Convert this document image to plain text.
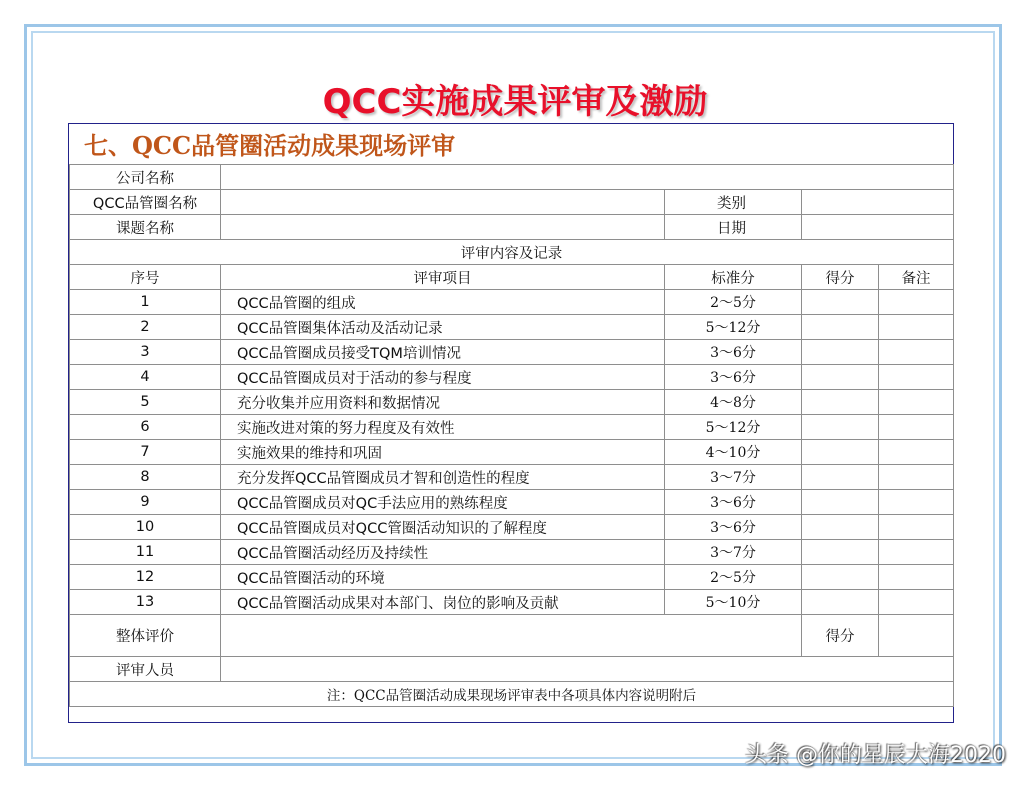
QCC实施成果评审及激励
七、QCC品管圈活动成果现场评审
公司名称				
QCC品管圈名称		类别		
课题名称		日期		
评审内容及记录				
序号	评审项目	标准分	得分	备注
1	QCC品管圈的组成	2～5分		
2	QCC品管圈集体活动及活动记录	5～12分		
3	QCC品管圈成员接受TQM培训情况	3～6分		
4	QCC品管圈成员对于活动的参与程度	3～6分		
5	充分收集并应用资料和数据情况	4～8分		
6	实施改进对策的努力程度及有效性	5～12分		
7	实施效果的维持和巩固	4～10分		
8	充分发挥QCC品管圈成员才智和创造性的程度	3～7分		
9	QCC品管圈成员对QC手法应用的熟练程度	3～6分		
10	QCC品管圈成员对QCC管圈活动知识的了解程度	3～6分		
11	QCC品管圈活动经历及持续性	3～7分		
12	QCC品管圈活动的环境	2～5分		
13	QCC品管圈活动成果对本部门、岗位的影响及贡献	5～10分		
整体评价			得分	
评审人员				
注：QCC品管圈活动成果现场评审表中各项具体内容说明附后				
头条 @你的星辰大海2020
